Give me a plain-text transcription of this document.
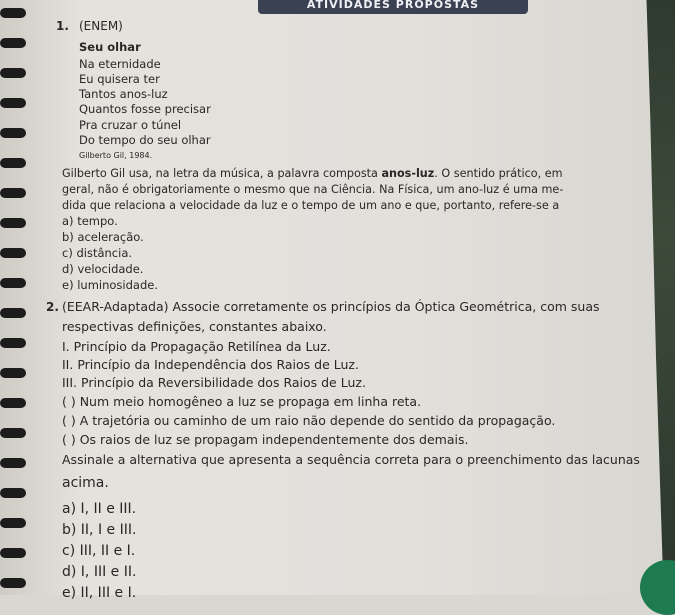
ATIVIDADES PROPOSTAS
1. (ENEM)
Seu olhar
Na eternidade
Eu quisera ter
Tantos anos-luz
Quantos fosse precisar
Pra cruzar o túnel
Do tempo do seu olhar
Gilberto Gil, 1984.
Gilberto Gil usa, na letra da música, a palavra composta anos-luz. O sentido prático, em
geral, não é obrigatoriamente o mesmo que na Ciência. Na Física, um ano-luz é uma me-
dida que relaciona a velocidade da luz e o tempo de um ano e que, portanto, refere-se a
a) tempo.
b) aceleração.
c) distância.
d) velocidade.
e) luminosidade.
2. (EEAR-Adaptada) Associe corretamente os princípios da Óptica Geométrica, com suas
respectivas definições, constantes abaixo.
I. Princípio da Propagação Retilínea da Luz.
II. Princípio da Independência dos Raios de Luz.
III. Princípio da Reversibilidade dos Raios de Luz.
( ) Num meio homogêneo a luz se propaga em linha reta.
( ) A trajetória ou caminho de um raio não depende do sentido da propagação.
( ) Os raios de luz se propagam independentemente dos demais.
Assinale a alternativa que apresenta a sequência correta para o preenchimento das lacunas
acima.
a) I, II e III.
b) II, I e III.
c) III, II e I.
d) I, III e II.
e) II, III e I.
